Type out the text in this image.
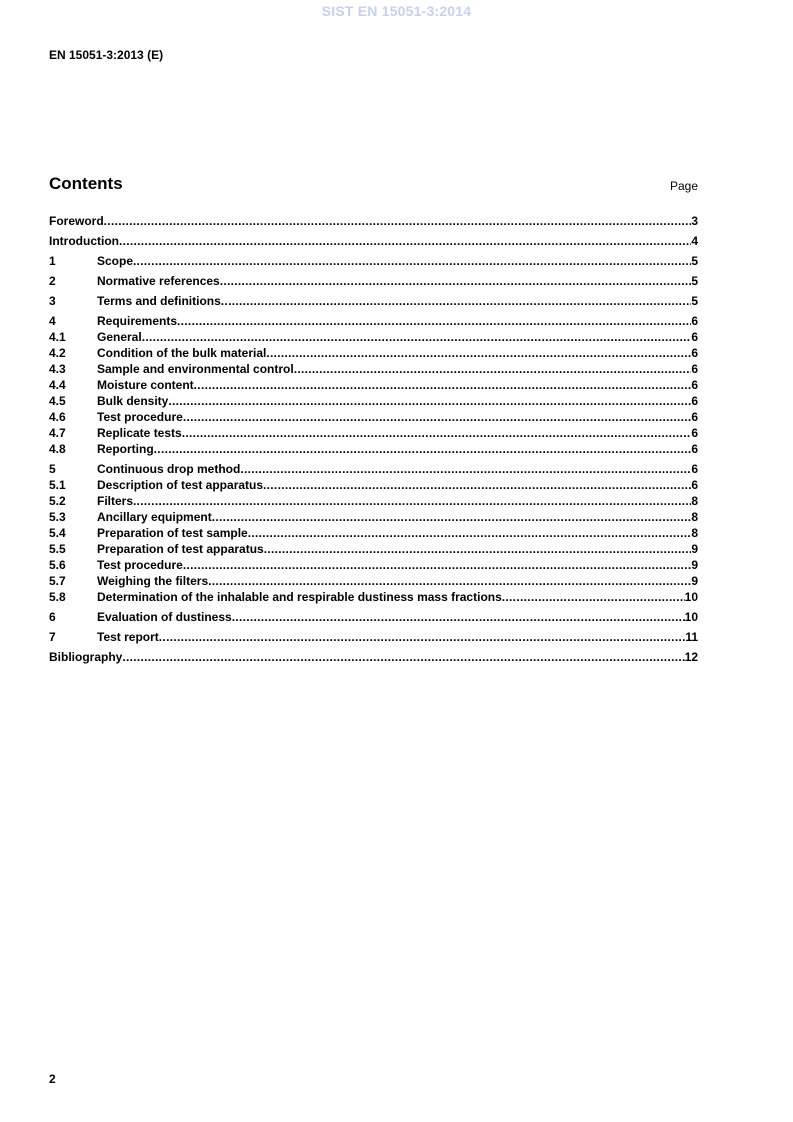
SIST EN 15051-3:2014
EN 15051-3:2013 (E)
Contents	Page
Foreword .....	3
Introduction .....	4
1	Scope .....	5
2	Normative references .....	5
3	Terms and definitions .....	5
4	Requirements .....	6
4.1	General .....	6
4.2	Condition of the bulk material .....	6
4.3	Sample and environmental control .....	6
4.4	Moisture content .....	6
4.5	Bulk density .....	6
4.6	Test procedure .....	6
4.7	Replicate tests .....	6
4.8	Reporting .....	6
5	Continuous drop method .....	6
5.1	Description of test apparatus .....	6
5.2	Filters .....	8
5.3	Ancillary equipment .....	8
5.4	Preparation of test sample .....	8
5.5	Preparation of test apparatus .....	9
5.6	Test procedure .....	9
5.7	Weighing the filters .....	9
5.8	Determination of the inhalable and respirable dustiness mass fractions .....	10
6	Evaluation of dustiness .....	10
7	Test report .....	11
Bibliography .....	12
2
